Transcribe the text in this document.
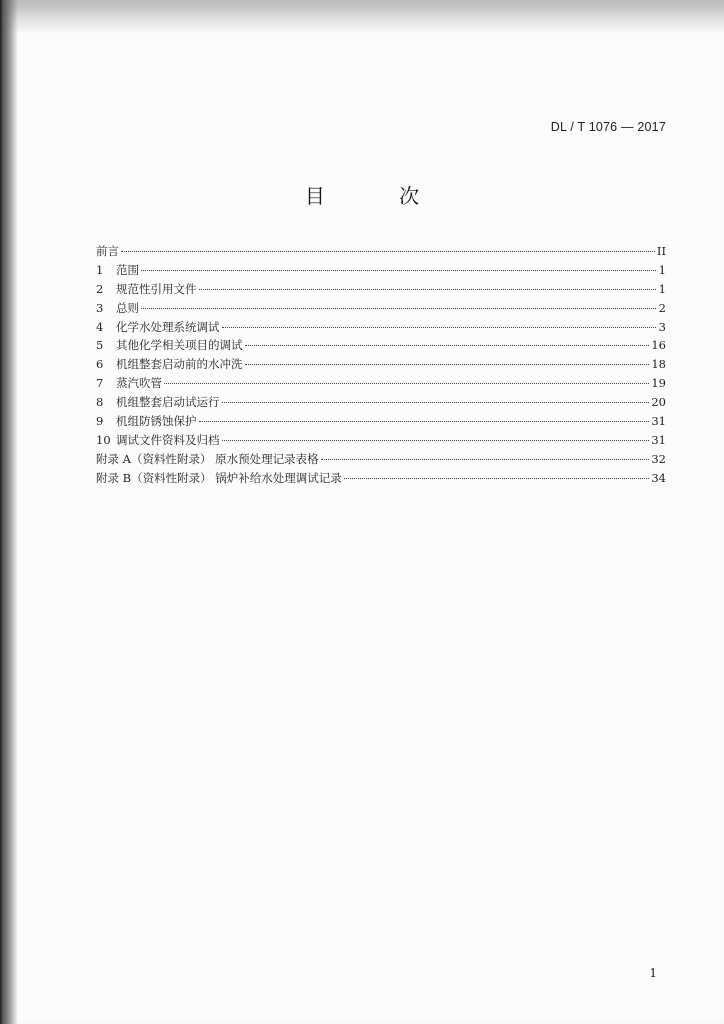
DL / T 1076 — 2017
目 次
前言	II
1 范围	1
2 规范性引用文件	1
3 总则	2
4 化学水处理系统调试	3
5 其他化学相关项目的调试	16
6 机组整套启动前的水冲洗	18
7 蒸汽吹管	19
8 机组整套启动试运行	20
9 机组防锈蚀保护	31
10 调试文件资料及归档	31
附录 A（资料性附录） 原水预处理记录表格	32
附录 B（资料性附录） 锅炉补给水处理调试记录	34
1
